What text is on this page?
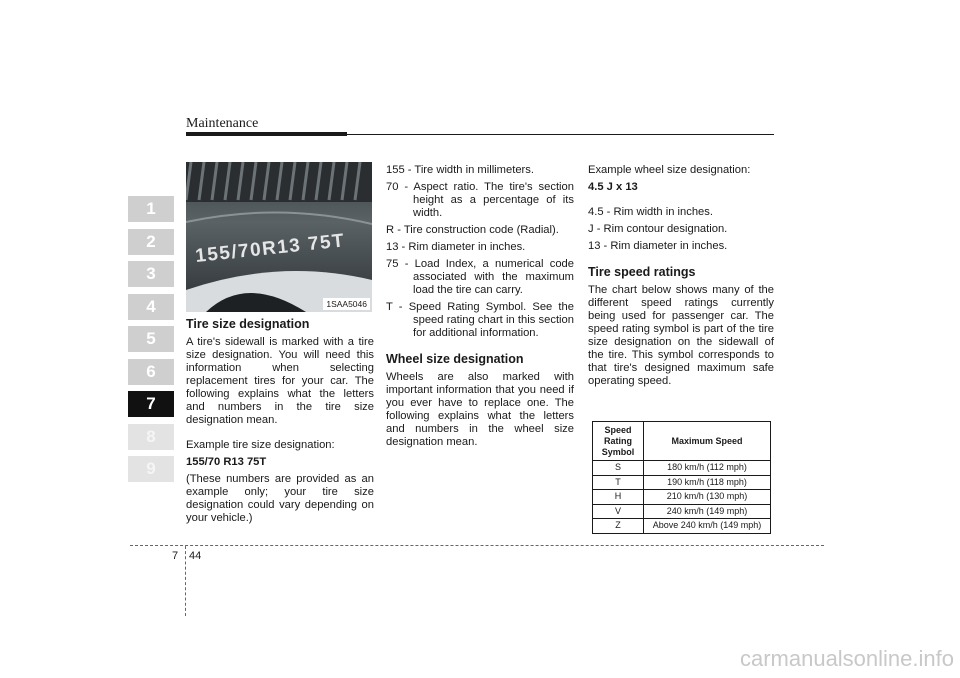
Maintenance
1
2
3
4
5
6
7
8
9
155/70R13 75T
1SAA5046
Tire size designation

A tire's sidewall is marked with a tire size designation. You will need this information when selecting replacement tires for your car. The following explains what the letters and numbers in the tire size designation mean.

Example tire size designation:

155/70 R13 75T

(These numbers are provided as an example only; your tire size designation could vary depending on your vehicle.)

155 - Tire width in millimeters.
70 - Aspect ratio. The tire's section height as a percentage of its width.
R - Tire construction code (Radial).
13 - Rim diameter in inches.
75 - Load Index, a numerical code associated with the maximum load the tire can carry.
T - Speed Rating Symbol. See the speed rating chart in this section for additional information.
Wheel size designation

Wheels are also marked with important information that you need if you ever have to replace one. The following explains what the letters and numbers in the wheel size designation mean.

Example wheel size designation:

4.5 J x 13

4.5 - Rim width in inches.

J - Rim contour designation.

13 - Rim diameter in inches.

Tire speed ratings

The chart below shows many of the different speed ratings currently being used for passenger car. The speed rating symbol is part of the tire size designation on the sidewall of the tire. This symbol corresponds to that tire's designed maximum safe operating speed.

Speed Rating Symbol	Maximum Speed
S	180 km/h (112 mph)
T	190 km/h (118 mph)
H	210 km/h (130 mph)
V	240 km/h (149 mph)
Z	Above 240 km/h (149 mph)
7 44
carmanualsonline.info
